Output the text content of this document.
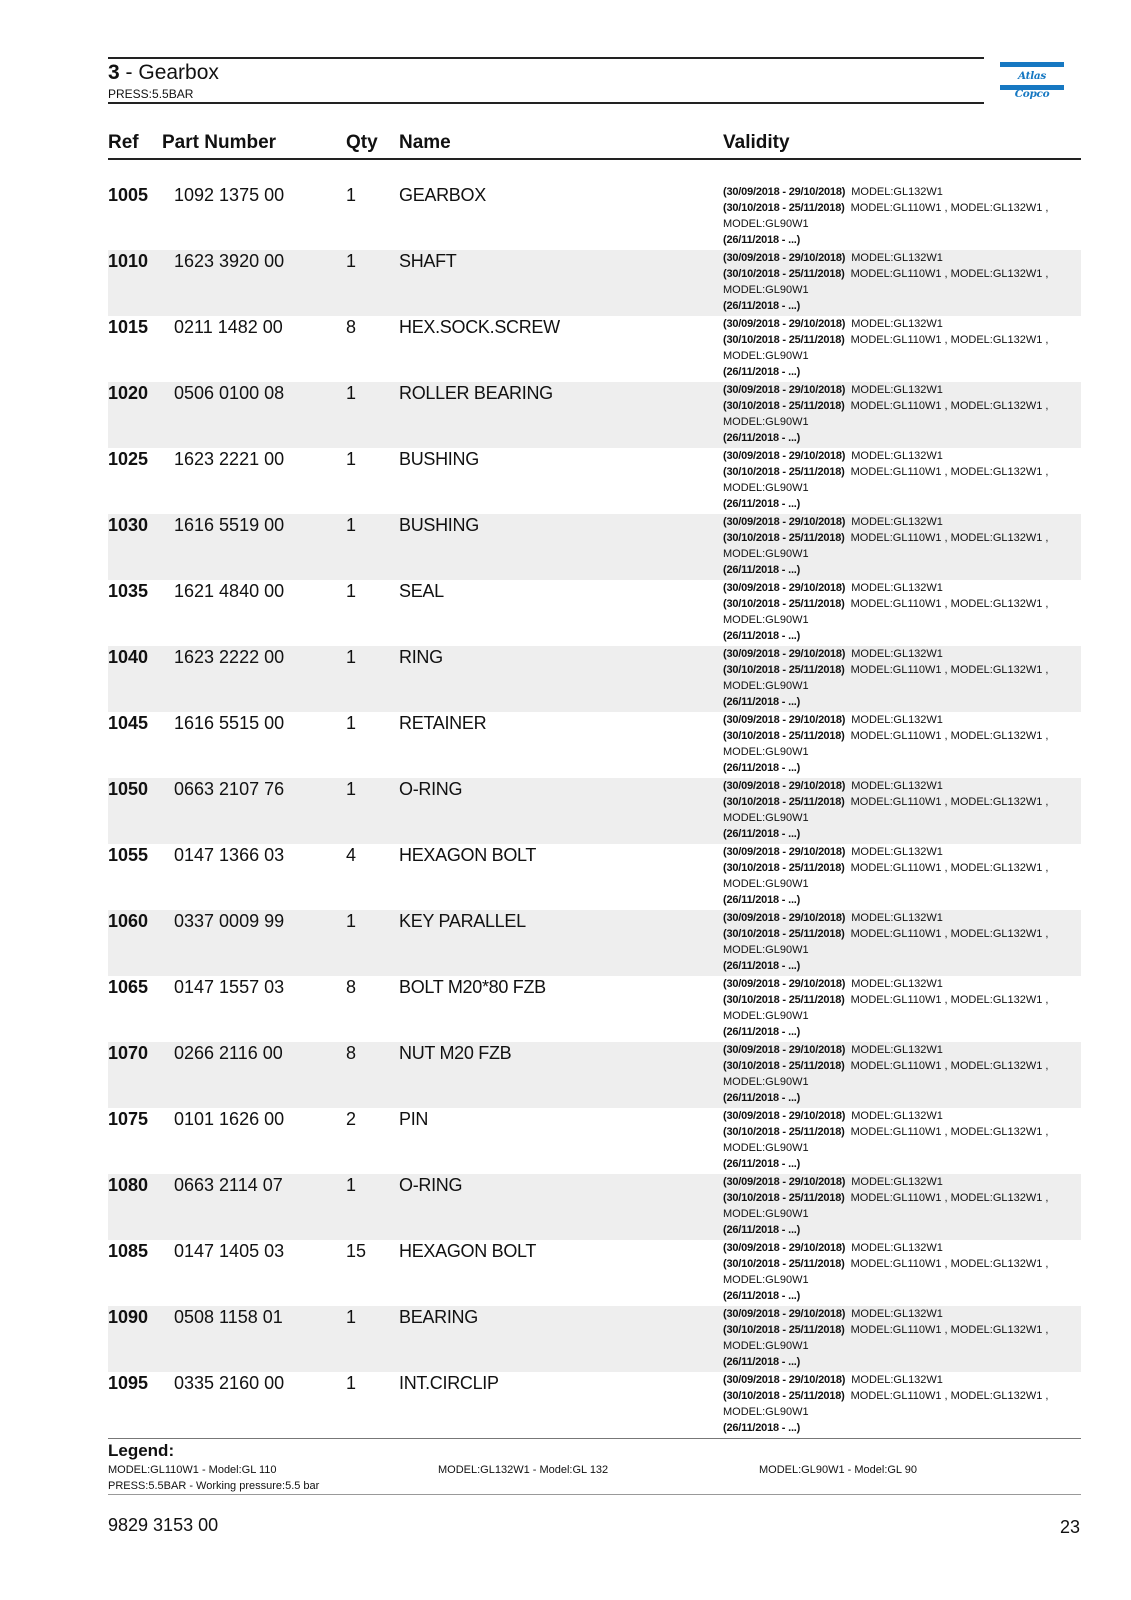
3 - Gearbox
PRESS:5.5BAR
Atlas Copco
Ref Part Number	Qty Name	Validity
1005 1092 1375 00	1 GEARBOX	(30/09/2018 - 29/10/2018) MODEL:GL132W1
(30/10/2018 - 25/11/2018) MODEL:GL110W1 , MODEL:GL132W1 ,
MODEL:GL90W1
(26/11/2018 - ...)
1010 1623 3920 00	1 SHAFT	(30/09/2018 - 29/10/2018) MODEL:GL132W1
(30/10/2018 - 25/11/2018) MODEL:GL110W1 , MODEL:GL132W1 ,
MODEL:GL90W1
(26/11/2018 - ...)
1015 0211 1482 00	8 HEX.SOCK.SCREW	(30/09/2018 - 29/10/2018) MODEL:GL132W1
(30/10/2018 - 25/11/2018) MODEL:GL110W1 , MODEL:GL132W1 ,
MODEL:GL90W1
(26/11/2018 - ...)
1020 0506 0100 08	1 ROLLER BEARING	(30/09/2018 - 29/10/2018) MODEL:GL132W1
(30/10/2018 - 25/11/2018) MODEL:GL110W1 , MODEL:GL132W1 ,
MODEL:GL90W1
(26/11/2018 - ...)
1025 1623 2221 00	1 BUSHING	(30/09/2018 - 29/10/2018) MODEL:GL132W1
(30/10/2018 - 25/11/2018) MODEL:GL110W1 , MODEL:GL132W1 ,
MODEL:GL90W1
(26/11/2018 - ...)
1030 1616 5519 00	1 BUSHING	(30/09/2018 - 29/10/2018) MODEL:GL132W1
(30/10/2018 - 25/11/2018) MODEL:GL110W1 , MODEL:GL132W1 ,
MODEL:GL90W1
(26/11/2018 - ...)
1035 1621 4840 00	1 SEAL	(30/09/2018 - 29/10/2018) MODEL:GL132W1
(30/10/2018 - 25/11/2018) MODEL:GL110W1 , MODEL:GL132W1 ,
MODEL:GL90W1
(26/11/2018 - ...)
1040 1623 2222 00	1 RING	(30/09/2018 - 29/10/2018) MODEL:GL132W1
(30/10/2018 - 25/11/2018) MODEL:GL110W1 , MODEL:GL132W1 ,
MODEL:GL90W1
(26/11/2018 - ...)
1045 1616 5515 00	1 RETAINER	(30/09/2018 - 29/10/2018) MODEL:GL132W1
(30/10/2018 - 25/11/2018) MODEL:GL110W1 , MODEL:GL132W1 ,
MODEL:GL90W1
(26/11/2018 - ...)
1050 0663 2107 76	1 O-RING	(30/09/2018 - 29/10/2018) MODEL:GL132W1
(30/10/2018 - 25/11/2018) MODEL:GL110W1 , MODEL:GL132W1 ,
MODEL:GL90W1
(26/11/2018 - ...)
1055 0147 1366 03	4 HEXAGON BOLT	(30/09/2018 - 29/10/2018) MODEL:GL132W1
(30/10/2018 - 25/11/2018) MODEL:GL110W1 , MODEL:GL132W1 ,
MODEL:GL90W1
(26/11/2018 - ...)
1060 0337 0009 99	1 KEY PARALLEL	(30/09/2018 - 29/10/2018) MODEL:GL132W1
(30/10/2018 - 25/11/2018) MODEL:GL110W1 , MODEL:GL132W1 ,
MODEL:GL90W1
(26/11/2018 - ...)
1065 0147 1557 03	8 BOLT M20*80 FZB	(30/09/2018 - 29/10/2018) MODEL:GL132W1
(30/10/2018 - 25/11/2018) MODEL:GL110W1 , MODEL:GL132W1 ,
MODEL:GL90W1
(26/11/2018 - ...)
1070 0266 2116 00	8 NUT M20 FZB	(30/09/2018 - 29/10/2018) MODEL:GL132W1
(30/10/2018 - 25/11/2018) MODEL:GL110W1 , MODEL:GL132W1 ,
MODEL:GL90W1
(26/11/2018 - ...)
1075 0101 1626 00	2 PIN	(30/09/2018 - 29/10/2018) MODEL:GL132W1
(30/10/2018 - 25/11/2018) MODEL:GL110W1 , MODEL:GL132W1 ,
MODEL:GL90W1
(26/11/2018 - ...)
1080 0663 2114 07	1 O-RING	(30/09/2018 - 29/10/2018) MODEL:GL132W1
(30/10/2018 - 25/11/2018) MODEL:GL110W1 , MODEL:GL132W1 ,
MODEL:GL90W1
(26/11/2018 - ...)
1085 0147 1405 03	15 HEXAGON BOLT	(30/09/2018 - 29/10/2018) MODEL:GL132W1
(30/10/2018 - 25/11/2018) MODEL:GL110W1 , MODEL:GL132W1 ,
MODEL:GL90W1
(26/11/2018 - ...)
1090 0508 1158 01	1 BEARING	(30/09/2018 - 29/10/2018) MODEL:GL132W1
(30/10/2018 - 25/11/2018) MODEL:GL110W1 , MODEL:GL132W1 ,
MODEL:GL90W1
(26/11/2018 - ...)
1095 0335 2160 00	1 INT.CIRCLIP	(30/09/2018 - 29/10/2018) MODEL:GL132W1
(30/10/2018 - 25/11/2018) MODEL:GL110W1 , MODEL:GL132W1 ,
MODEL:GL90W1
(26/11/2018 - ...)
Legend:
MODEL:GL110W1 - Model:GL 110	MODEL:GL132W1 - Model:GL 132	MODEL:GL90W1 - Model:GL 90
PRESS:5.5BAR - Working pressure:5.5 bar
9829 3153 00	23
